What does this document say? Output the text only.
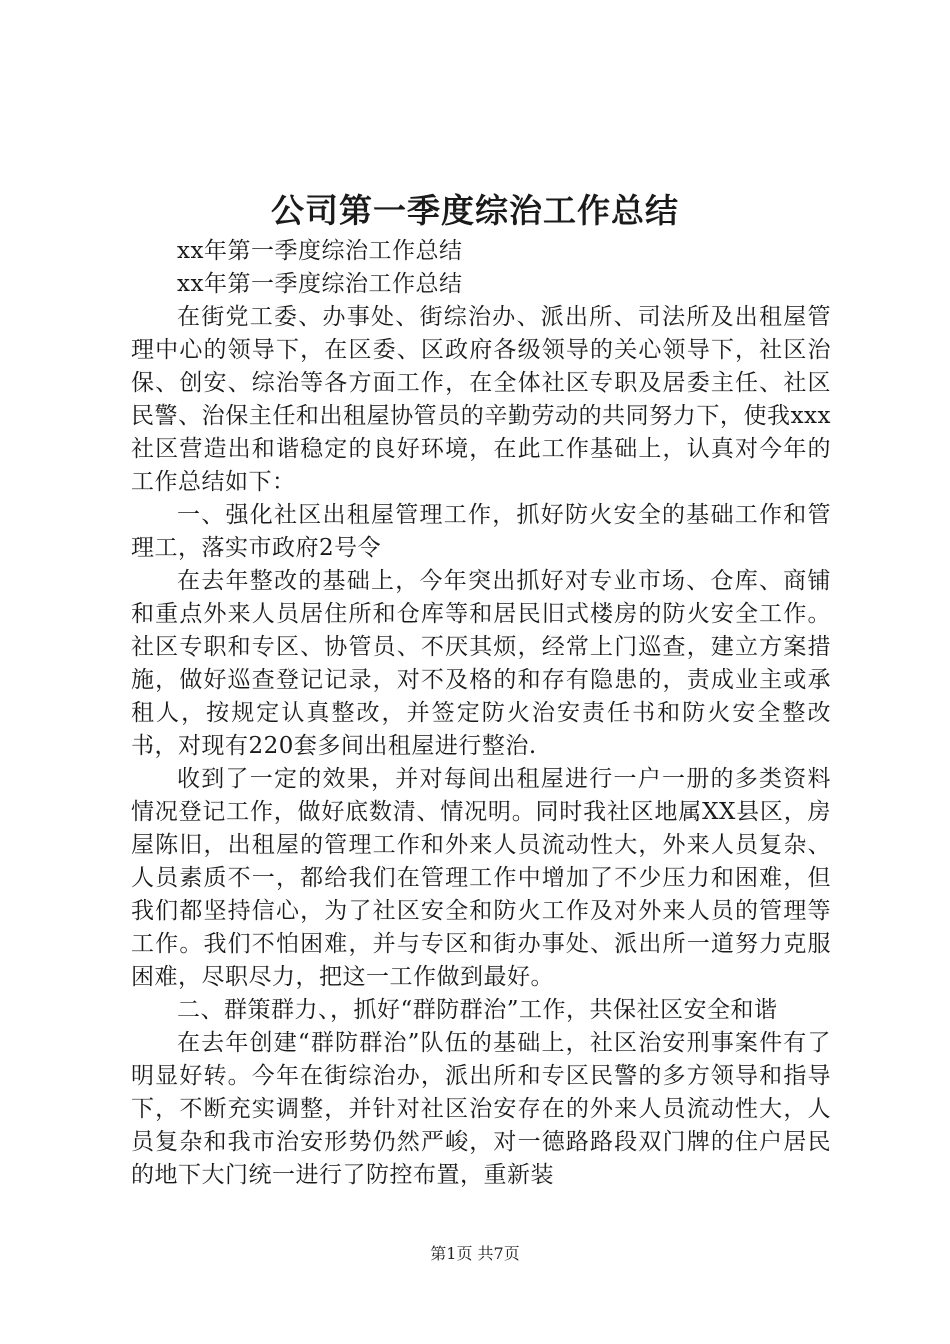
公司第一季度综治工作总结

xx年第一季度综治工作总结

xx年第一季度综治工作总结

在街党工委、办事处、街综治办、派出所、司法所及出租屋管理中心的领导下，在区委、区政府各级领导的关心领导下，社区治保、创安、综治等各方面工作，在全体社区专职及居委主任、社区民警、治保主任和出租屋协管员的辛勤劳动的共同努力下，使我xxx社区营造出和谐稳定的良好环境，在此工作基础上，认真对今年的工作总结如下：

一、强化社区出租屋管理工作，抓好防火安全的基础工作和管理工，落实市政府2号令

在去年整改的基础上，今年突出抓好对专业市场、仓库、商铺和重点外来人员居住所和仓库等和居民旧式楼房的防火安全工作。社区专职和专区、协管员、不厌其烦，经常上门巡查，建立方案措施，做好巡查登记记录，对不及格的和存有隐患的，责成业主或承租人，按规定认真整改，并签定防火治安责任书和防火安全整改书，对现有220套多间出租屋进行整治.

收到了一定的效果，并对每间出租屋进行一户一册的多类资料情况登记工作，做好底数清、情况明。同时我社区地属XX县区，房屋陈旧，出租屋的管理工作和外来人员流动性大，外来人员复杂、人员素质不一，都给我们在管理工作中增加了不少压力和困难，但我们都坚持信心，为了社区安全和防火工作及对外来人员的管理等工作。我们不怕困难，并与专区和街办事处、派出所一道努力克服困难，尽职尽力，把这一工作做到最好。

二、群策群力、，抓好“群防群治”工作，共保社区安全和谐

在去年创建“群防群治”队伍的基础上，社区治安刑事案件有了明显好转。今年在街综治办，派出所和专区民警的多方领导和指导下，不断充实调整，并针对社区治安存在的外来人员流动性大，人员复杂和我市治安形势仍然严峻，对一德路路段双门牌的住户居民的地下大门统一进行了防控布置，重新装

第1页 共7页
